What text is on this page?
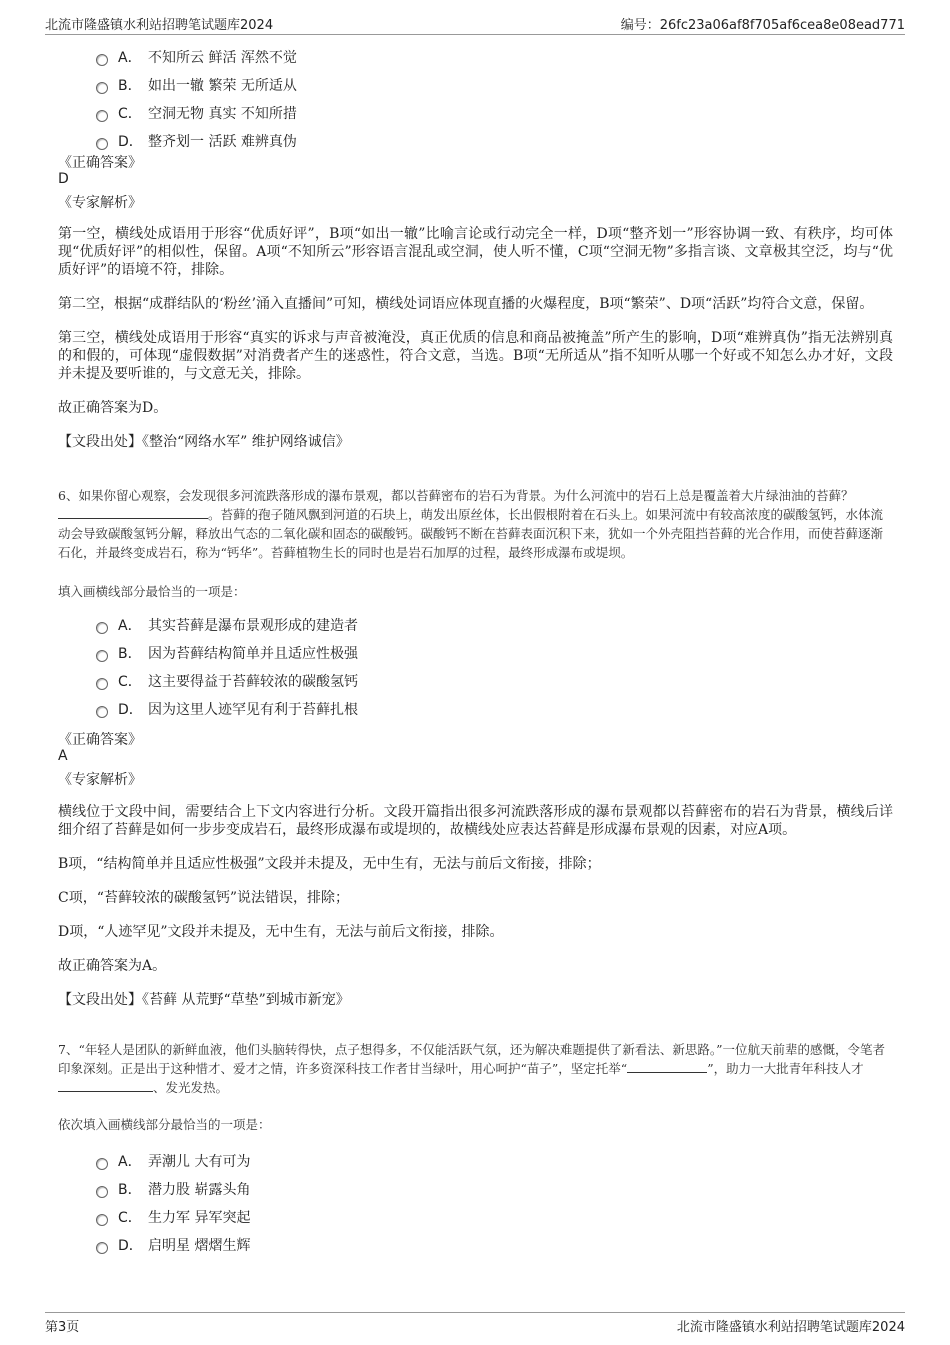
北流市隆盛镇水利站招聘笔试题库2024	编号：26fc23a06af8f705af6cea8e08ead771
A． 不知所云 鲜活 浑然不觉
B． 如出一辙 繁荣 无所适从
C． 空洞无物 真实 不知所措
D． 整齐划一 活跃 难辨真伪
《正确答案》
D
《专家解析》

第一空，横线处成语用于形容“优质好评”，B项“如出一辙”比喻言论或行动完全一样，D项“整齐划一”形容协调一致、有秩序，均可体现“优质好评”的相似性，保留。A项“不知所云”形容语言混乱或空洞，使人听不懂，C项“空洞无物”多指言谈、文章极其空泛，均与“优质好评”的语境不符，排除。

第二空，根据“成群结队的‘粉丝’涌入直播间”可知，横线处词语应体现直播的火爆程度，B项“繁荣”、D项“活跃”均符合文意，保留。

第三空，横线处成语用于形容“真实的诉求与声音被淹没，真正优质的信息和商品被掩盖”所产生的影响，D项“难辨真伪”指无法辨别真的和假的，可体现“虚假数据”对消费者产生的迷惑性，符合文意，当选。B项“无所适从”指不知听从哪一个好或不知怎么办才好，文段并未提及要听谁的，与文意无关，排除。

故正确答案为D。

【文段出处】《整治“网络水军” 维护网络诚信》

6、如果你留心观察，会发现很多河流跌落形成的瀑布景观，都以苔藓密布的岩石为背景。为什么河流中的岩石上总是覆盖着大片绿油油的苔藓？。苔藓的孢子随风飘到河道的石块上，萌发出原丝体，长出假根附着在石头上。如果河流中有较高浓度的碳酸氢钙，水体流动会导致碳酸氢钙分解，释放出气态的二氧化碳和固态的碳酸钙。碳酸钙不断在苔藓表面沉积下来，犹如一个外壳阻挡苔藓的光合作用，而使苔藓逐渐石化，并最终变成岩石，称为“钙华”。苔藓植物生长的同时也是岩石加厚的过程，最终形成瀑布或堤坝。
填入画横线部分最恰当的一项是：
A． 其实苔藓是瀑布景观形成的建造者
B． 因为苔藓结构简单并且适应性极强
C． 这主要得益于苔藓较浓的碳酸氢钙
D． 因为这里人迹罕见有利于苔藓扎根
《正确答案》
A
《专家解析》

横线位于文段中间，需要结合上下文内容进行分析。文段开篇指出很多河流跌落形成的瀑布景观都以苔藓密布的岩石为背景，横线后详细介绍了苔藓是如何一步步变成岩石，最终形成瀑布或堤坝的，故横线处应表达苔藓是形成瀑布景观的因素，对应A项。

B项，“结构简单并且适应性极强”文段并未提及，无中生有，无法与前后文衔接，排除；

C项，“苔藓较浓的碳酸氢钙”说法错误，排除；

D项，“人迹罕见”文段并未提及，无中生有，无法与前后文衔接，排除。

故正确答案为A。

【文段出处】《苔藓 从荒野“草垫”到城市新宠》

7、“年轻人是团队的新鲜血液，他们头脑转得快，点子想得多，不仅能活跃气氛，还为解决难题提供了新看法、新思路。”一位航天前辈的感慨，令笔者印象深刻。正是出于这种惜才、爱才之情，许多资深科技工作者甘当绿叶，用心呵护“苗子”，坚定托举“	”，助力一大批青年科技人才、发光发热。
依次填入画横线部分最恰当的一项是：
A． 弄潮儿 大有可为
B． 潜力股 崭露头角
C． 生力军 异军突起
D． 启明星 熠熠生辉
第3页	北流市隆盛镇水利站招聘笔试题库2024
